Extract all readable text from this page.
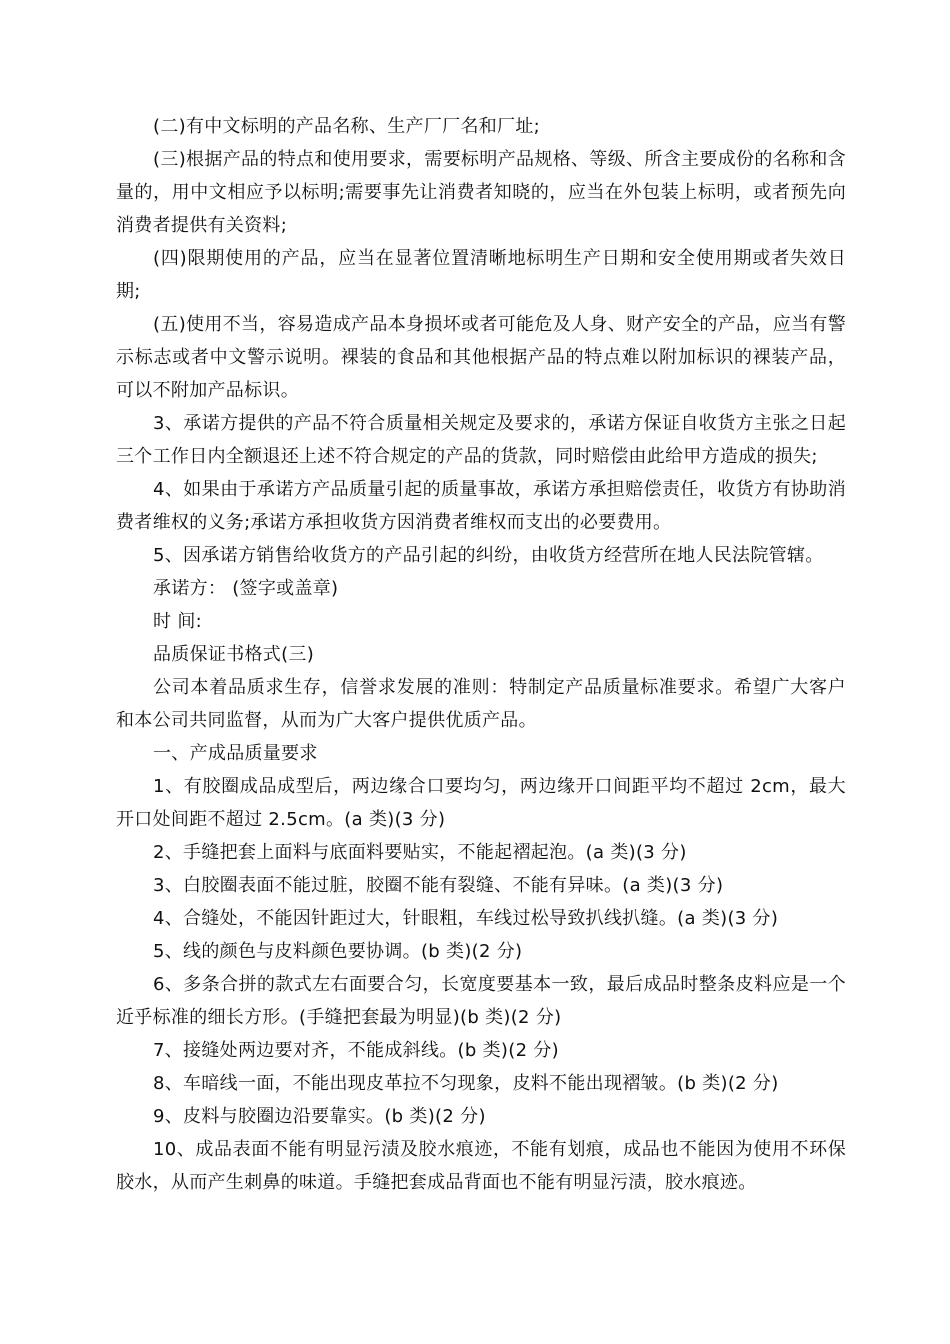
(二)有中文标明的产品名称、生产厂厂名和厂址;

(三)根据产品的特点和使用要求，需要标明产品规格、等级、所含主要成份的名称和含量的，用中文相应予以标明;需要事先让消费者知晓的，应当在外包装上标明，或者预先向消费者提供有关资料;

(四)限期使用的产品，应当在显著位置清晰地标明生产日期和安全使用期或者失效日期;

(五)使用不当，容易造成产品本身损坏或者可能危及人身、财产安全的产品，应当有警示标志或者中文警示说明。裸装的食品和其他根据产品的特点难以附加标识的裸装产品，可以不附加产品标识。

3、承诺方提供的产品不符合质量相关规定及要求的，承诺方保证自收货方主张之日起三个工作日内全额退还上述不符合规定的产品的货款，同时赔偿由此给甲方造成的损失;

4、如果由于承诺方产品质量引起的质量事故，承诺方承担赔偿责任，收货方有协助消费者维权的义务;承诺方承担收货方因消费者维权而支出的必要费用。

5、因承诺方销售给收货方的产品引起的纠纷，由收货方经营所在地人民法院管辖。

承诺方： (签字或盖章)

时 间:

品质保证书格式(三)

公司本着品质求生存，信誉求发展的准则：特制定产品质量标准要求。希望广大客户和本公司共同监督，从而为广大客户提供优质产品。

一、产成品质量要求

1、有胶圈成品成型后，两边缘合口要均匀，两边缘开口间距平均不超过 2cm，最大开口处间距不超过 2.5cm。(a 类)(3 分)

2、手缝把套上面料与底面料要贴实，不能起褶起泡。(a 类)(3 分)

3、白胶圈表面不能过脏，胶圈不能有裂缝、不能有异味。(a 类)(3 分)

4、合缝处，不能因针距过大，针眼粗，车线过松导致扒线扒缝。(a 类)(3 分)

5、线的颜色与皮料颜色要协调。(b 类)(2 分)

6、多条合拼的款式左右面要合匀，长宽度要基本一致，最后成品时整条皮料应是一个近乎标准的细长方形。(手缝把套最为明显)(b 类)(2 分)

7、接缝处两边要对齐，不能成斜线。(b 类)(2 分)

8、车暗线一面，不能出现皮革拉不匀现象，皮料不能出现褶皱。(b 类)(2 分)

9、皮料与胶圈边沿要靠实。(b 类)(2 分)

10、成品表面不能有明显污渍及胶水痕迹，不能有划痕，成品也不能因为使用不环保胶水，从而产生刺鼻的味道。手缝把套成品背面也不能有明显污渍，胶水痕迹。
